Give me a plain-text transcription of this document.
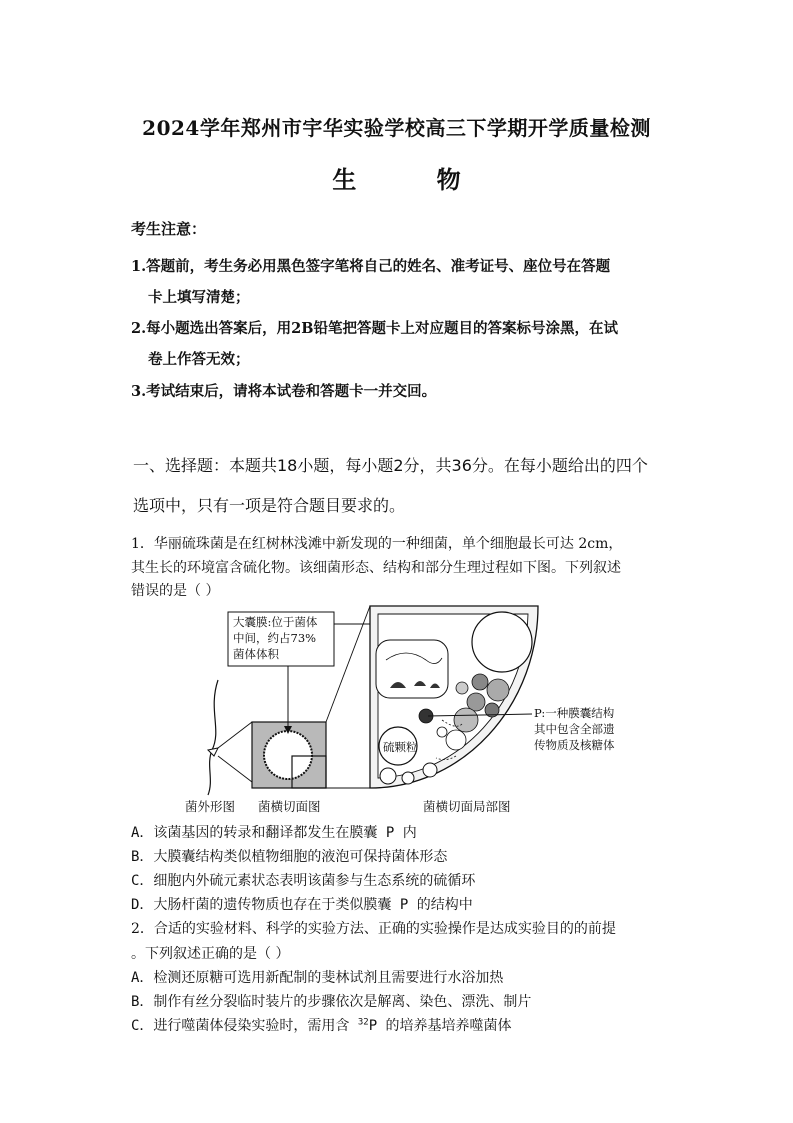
2024学年郑州市宇华实验学校高三下学期开学质量检测
生 物
考生注意：
1.答题前，考生务必用黑色签字笔将自己的姓名、准考证号、座位号在答题
卡上填写清楚；
2.每小题选出答案后，用2B铅笔把答题卡上对应题目的答案标号涂黑，在试
卷上作答无效；
3.考试结束后，请将本试卷和答题卡一并交回。
一、选择题：本题共18小题，每小题2分，共36分。在每小题给出的四个
选项中，只有一项是符合题目要求的。
1．华丽硫珠菌是在红树林浅滩中新发现的一种细菌，单个细胞最长可达 2cm，
其生长的环境富含硫化物。该细菌形态、结构和部分生理过程如下图。下列叙述
错误的是（ ）
大囊膜:位于菌体
中间，约占73%
菌体体积
P:一种膜囊结构
其中包含全部遗
传物质及核糖体
硫颗粒
菌外形图 菌横切面图	菌横切面局部图
A．该菌基因的转录和翻译都发生在膜囊 P 内
B．大膜囊结构类似植物细胞的液泡可保持菌体形态
C．细胞内外硫元素状态表明该菌参与生态系统的硫循环
D．大肠杆菌的遗传物质也存在于类似膜囊 P 的结构中
2．合适的实验材料、科学的实验方法、正确的实验操作是达成实验目的的前提
。下列叙述正确的是（ ）
A．检测还原糖可选用新配制的斐林试剂且需要进行水浴加热
B．制作有丝分裂临时装片的步骤依次是解离、染色、漂洗、制片
C．进行噬菌体侵染实验时，需用含 $^{32}$P 的培养基培养噬菌体
